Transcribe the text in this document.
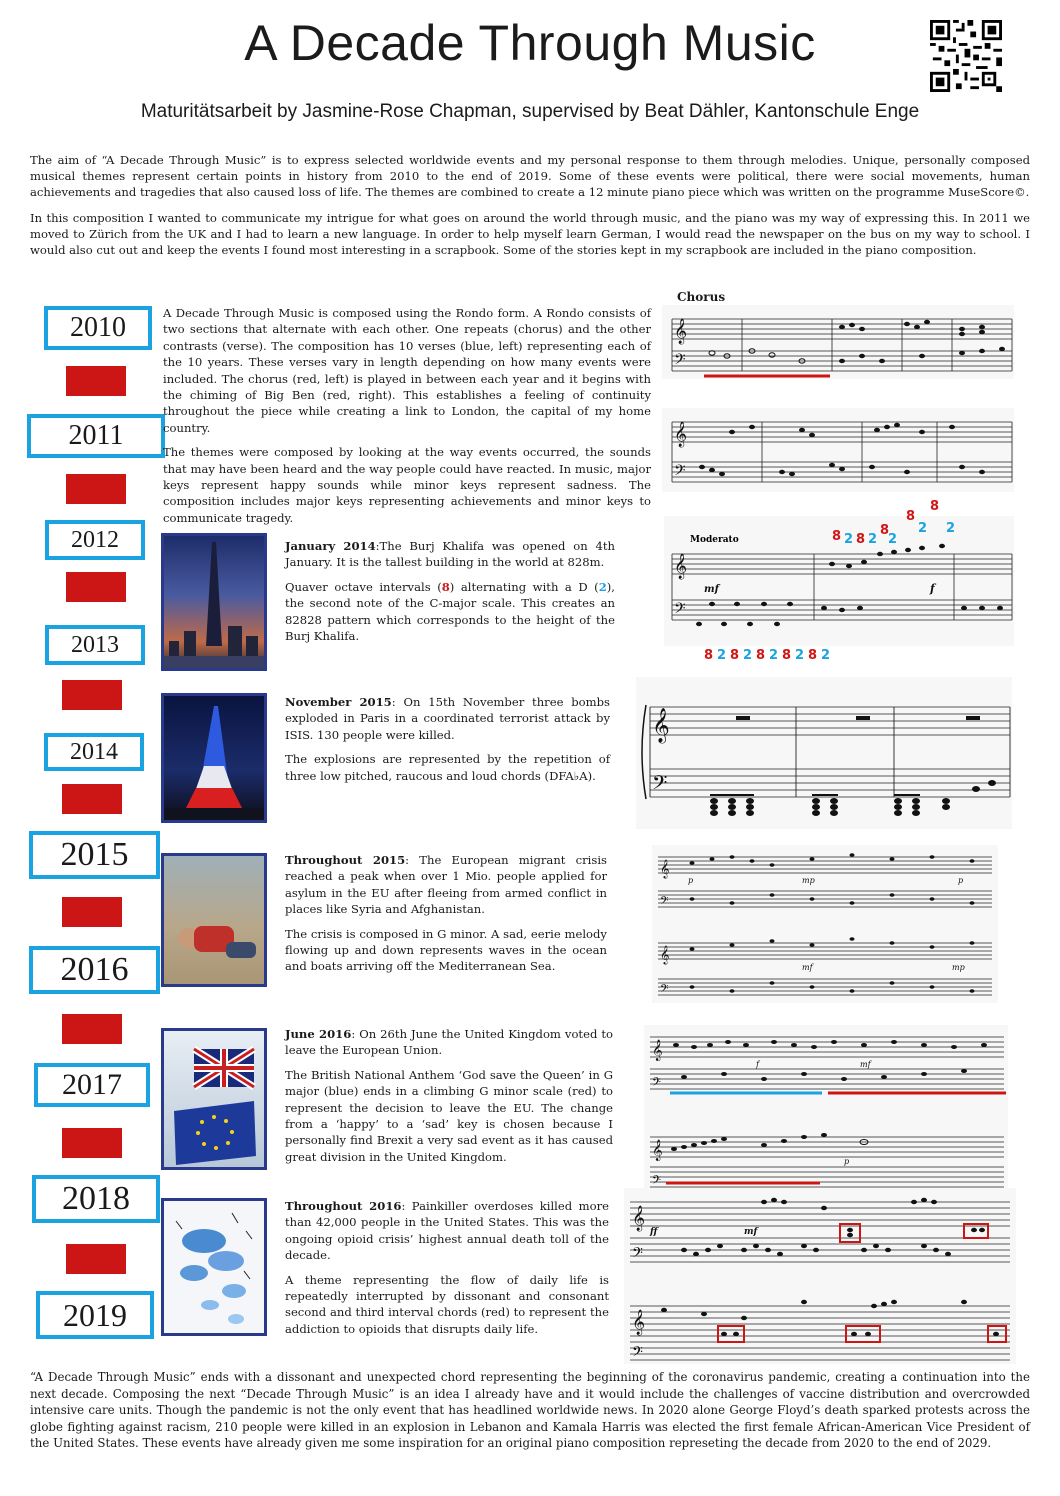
A Decade Through Music
Maturitätsarbeit by Jasmine-Rose Chapman, supervised by Beat Dähler, Kantonschule Enge
The aim of “A Decade Through Music” is to express selected worldwide events and my personal response to them through melodies. Unique, personally composed musical themes represent certain points in history from 2010 to the end of 2019. Some of these events were political, there were social movements, human achievements and tragedies that also caused loss of life. The themes are combined to create a 12 minute piano piece which was written on the programme MuseScore©.
In this composition I wanted to communicate my intrigue for what goes on around the world through music, and the piano was my way of expressing this. In 2011 we moved to Zürich from the UK and I had to learn a new language. In order to help myself learn German, I would read the newspaper on the bus on my way to school. I would also cut out and keep the events I found most interesting in a scrapbook. Some of the stories kept in my scrapbook are included in the piano composition.
2010
2011
2012
2013
2014
2015
2016
2017
2018
2019

A Decade Through Music is composed using the Rondo form. A Rondo consists of two sections that alternate with each other. One repeats (chorus) and the other contrasts (verse). The composition has 10 verses (blue, left) representing each of the 10 years. These verses vary in length depending on how many events were included. The chorus (red, left) is played in between each year and it begins with the chiming of Big Ben (red, right). This establishes a feeling of continuity throughout the piece while creating a link to London, the capital of my home country.

The themes were composed by looking at the way events occurred, the sounds that may have been heard and the way people could have reacted. In music, major keys represent happy sounds while minor keys represent sadness. The composition includes major keys representing achievements and minor keys to communicate tragedy.

Chorus
𝄞
𝄢
𝄞
𝄢

January 2014:The Burj Khalifa was opened on 4th January. It is the tallest building in the world at 828m.

Quaver octave intervals (8) alternating with a D (2), the second note of the C-major scale. This creates an 82828 pattern which corresponds to the height of the Burj Khalifa.

Moderato
𝄞
𝄢
mf	f
8
8
8
8 2 8 2 2
2 2
8 2 8 2 8 2 8 2 8 2

November 2015: On 15th November three bombs exploded in Paris in a coordinated terrorist attack by ISIS. 130 people were killed.

The explosions are represented by the repetition of three low pitched, raucous and loud chords (DFA♭A).

𝄞
𝄢

Throughout 2015: The European migrant crisis reached a peak when over 1 Mio. people applied for asylum in the EU after fleeing from armed conflict in places like Syria and Afghanistan.

The crisis is composed in G minor. A sad, eerie melody flowing up and down represents waves in the ocean and boats arriving off the Mediterranean Sea.

𝄞
𝄢
𝄞
𝄢
p	mp	p
mf	mp

June 2016: On 26th June the United Kingdom voted to leave the European Union.

The British National Anthem ‘God save the Queen’ in G major (blue) ends in a climbing G minor scale (red) to represent the decision to leave the EU. The change from a ‘happy’ to a ‘sad’ key is chosen because I personally find Brexit a very sad event as it has caused great division in the United Kingdom.

𝄞
𝄢
𝄞
𝄢
f	mf
p

Throughout 2016: Painkiller overdoses killed more than 42,000 people in the United States. This was the ongoing opioid crisis’ highest annual death toll of the decade.

A theme representing the flow of daily life is repeatedly interrupted by dissonant and consonant second and third interval chords (red) to represent the addiction to opioids that disrupts daily life.

𝄞
𝄢
𝄞
𝄢
ff	mf
“A Decade Through Music” ends with a dissonant and unexpected chord representing the beginning of the coronavirus pandemic, creating a continuation into the next decade. Composing the next “Decade Through Music” is an idea I already have and it would include the challenges of vaccine distribution and overcrowded intensive care units. Though the pandemic is not the only event that has headlined worldwide news. In 2020 alone George Floyd’s death sparked protests across the globe fighting against racism, 210 people were killed in an explosion in Lebanon and Kamala Harris was elected the first female African-American Vice President of the United States. These events have already given me some inspiration for an original piano composition represeting the decade from 2020 to the end of 2029.
